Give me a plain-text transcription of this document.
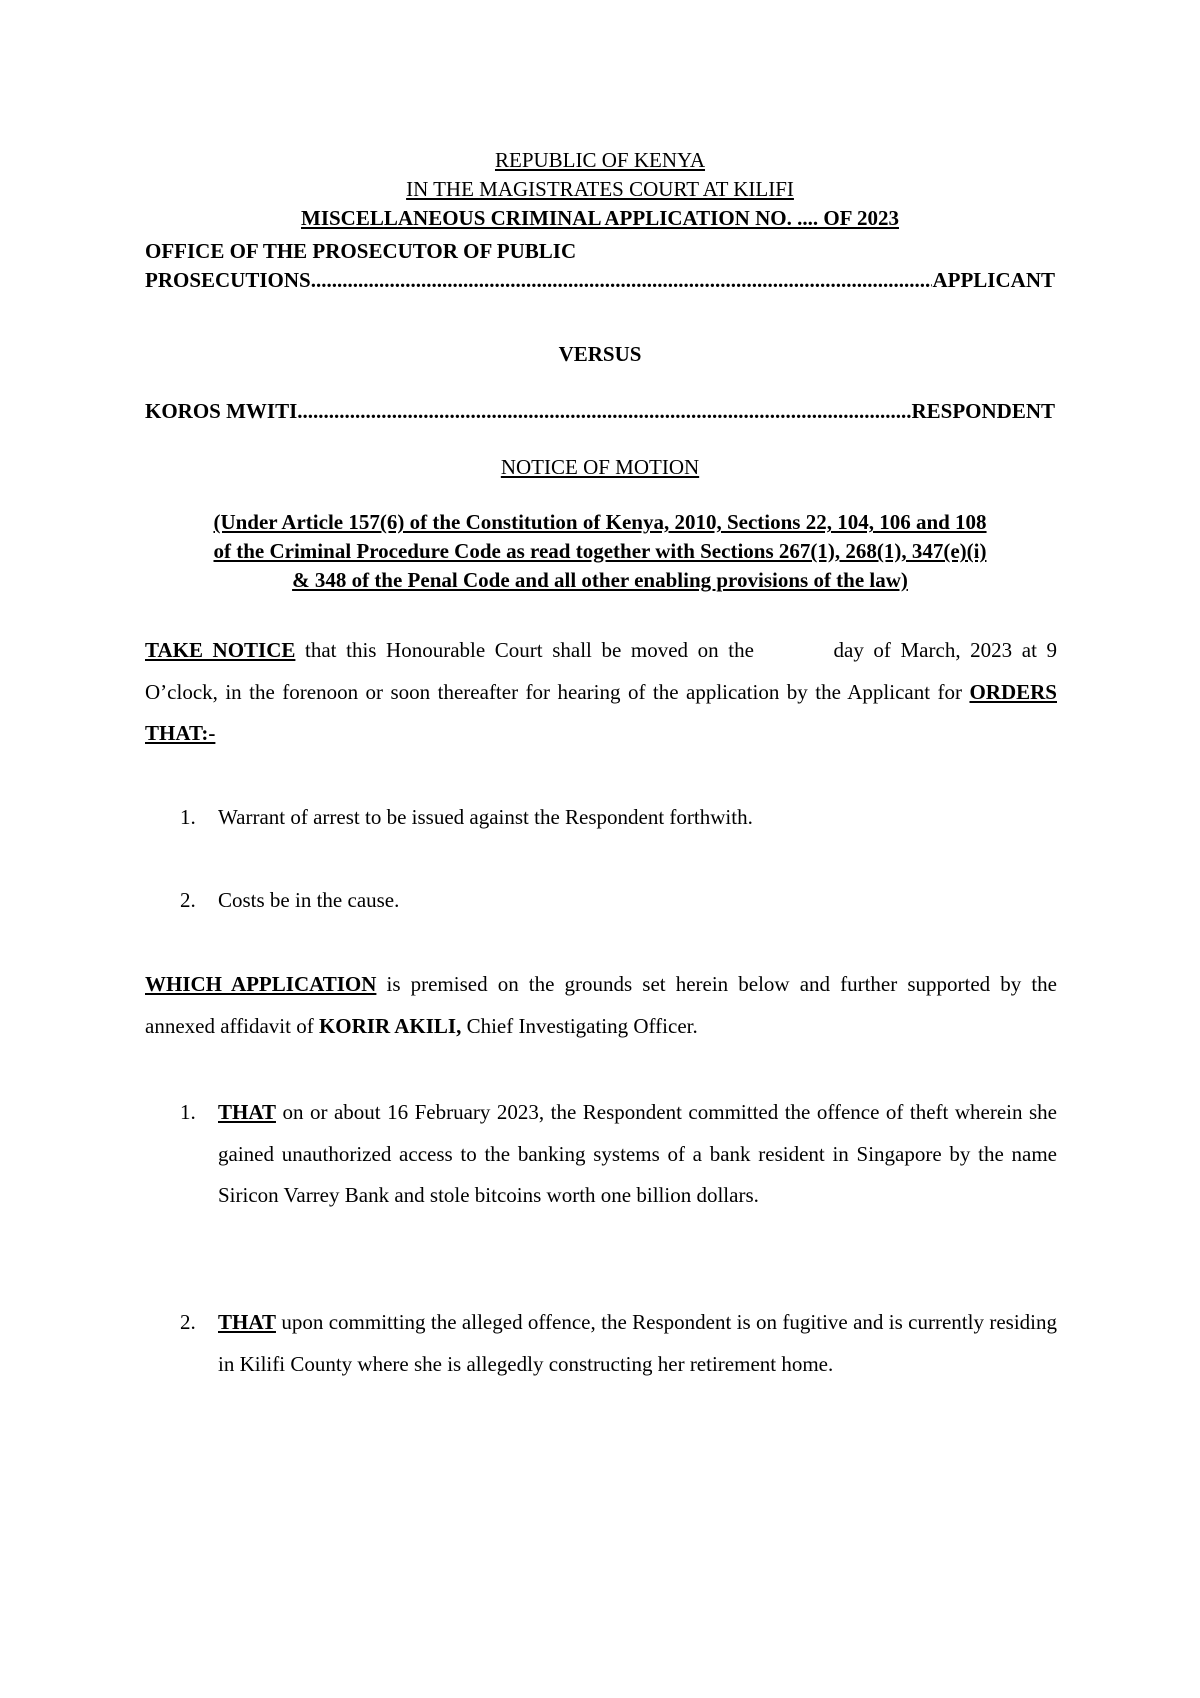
REPUBLIC OF KENYA
IN THE MAGISTRATES COURT AT KILIFI
MISCELLANEOUS CRIMINAL APPLICATION NO. .... OF 2023
OFFICE OF THE PROSECUTOR OF PUBLIC
PROSECUTIONS .....	APPLICANT
VERSUS
KOROS MWITI .....	RESPONDENT
NOTICE OF MOTION
(Under Article 157(6) of the Constitution of Kenya, 2010, Sections 22, 104, 106 and 108
of the Criminal Procedure Code as read together with Sections 267(1), 268(1), 347(e)(i)
& 348 of the Penal Code and all other enabling provisions of the law)
TAKE NOTICE that this Honourable Court shall be moved on the	day of March, 2023 at 9 O’clock, in the forenoon or soon thereafter for hearing of the application by the Applicant for ORDERS THAT:-
1.	Warrant of arrest to be issued against the Respondent forthwith.
2.	Costs be in the cause.
WHICH APPLICATION is premised on the grounds set herein below and further supported by the annexed affidavit of KORIR AKILI, Chief Investigating Officer.
1.	THAT on or about 16 February 2023, the Respondent committed the offence of theft wherein she gained unauthorized access to the banking systems of a bank resident in Singapore by the name Siricon Varrey Bank and stole bitcoins worth one billion dollars.
2.	THAT upon committing the alleged offence, the Respondent is on fugitive and is currently residing in Kilifi County where she is allegedly constructing her retirement home.
